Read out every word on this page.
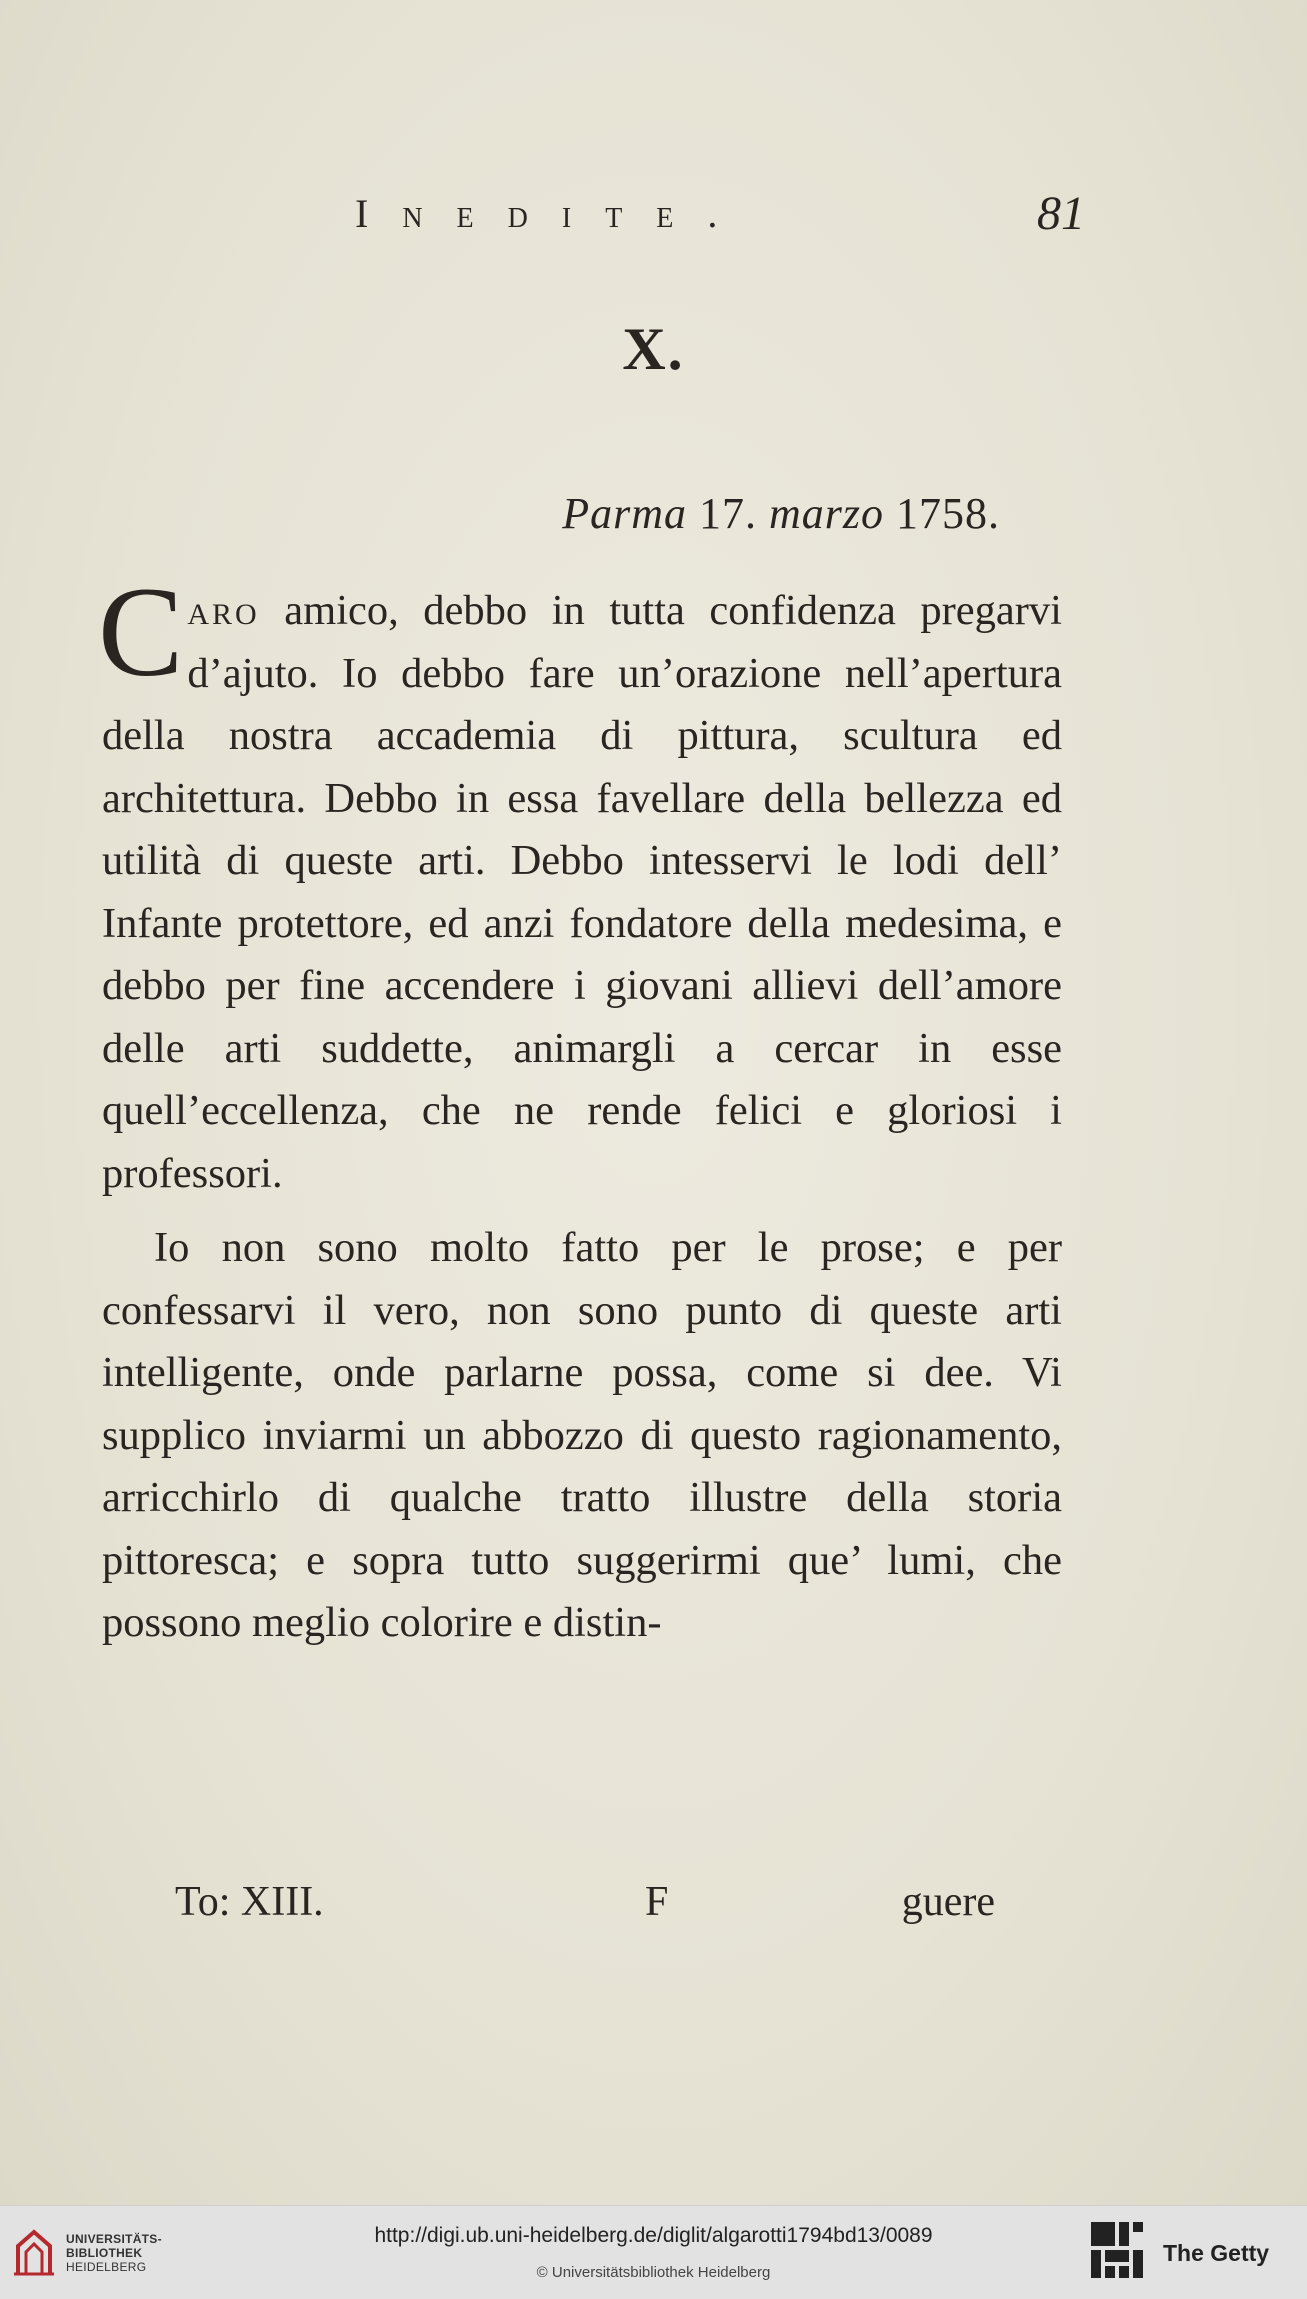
Inedite.	81
X.
Parma 17. marzo 1758.

Caro amico, debbo in tutta confidenza pregarvi d’ajuto. Io debbo fare un’orazione nell’apertura della nostra accademia di pittura, scultura ed architettura. Debbo in essa favellare della bellezza ed utilità di queste arti. Debbo intesservi le lodi dell’ Infante protettore, ed anzi fondatore della medesima, e debbo per fine accendere i giovani allievi dell’amore delle arti suddette, animargli a cercar in esse quell’eccellenza, che ne rende felici e gloriosi i professori.

Io non sono molto fatto per le prose; e per confessarvi il vero, non sono punto di queste arti intelligente, onde parlarne possa, come si dee. Vi supplico inviarmi un abbozzo di questo ragionamento, arricchirlo di qualche tratto illustre della storia pittoresca; e sopra tutto suggerirmi que’ lumi, che possono meglio colorire e distin-

To: XIII.	F	guere
UNIVERSITÄTS-
BIBLIOTHEK
HEIDELBERG
http://digi.ub.uni-heidelberg.de/diglit/algarotti1794bd13/0089
© Universitätsbibliothek Heidelberg
The Getty
